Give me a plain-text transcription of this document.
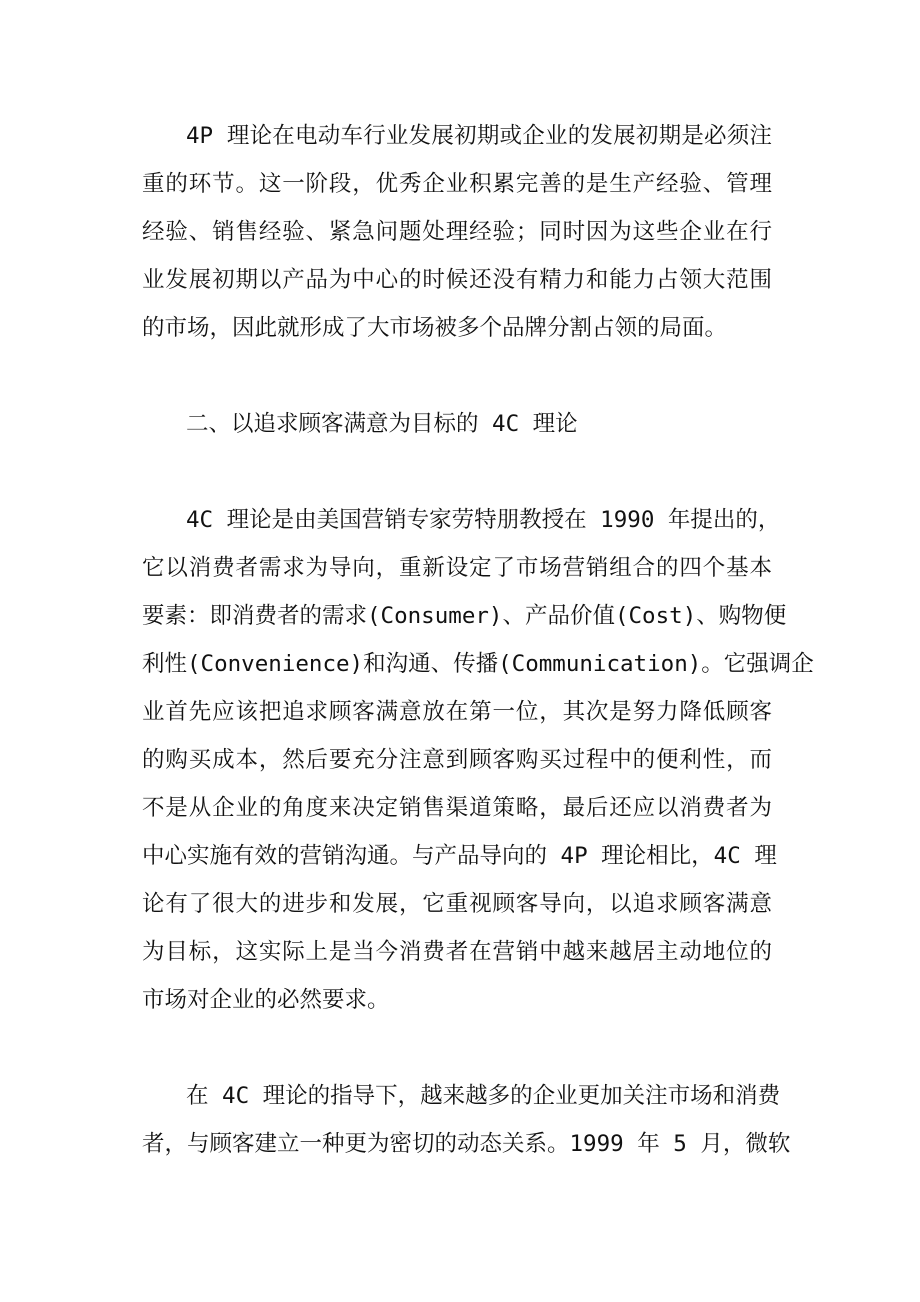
4P 理论在电动车行业发展初期或企业的发展初期是必须注
重的环节。这一阶段，优秀企业积累完善的是生产经验、管理
经验、销售经验、紧急问题处理经验；同时因为这些企业在行
业发展初期以产品为中心的时候还没有精力和能力占领大范围
的市场，因此就形成了大市场被多个品牌分割占领的局面。
二、以追求顾客满意为目标的 4C 理论
4C 理论是由美国营销专家劳特朋教授在 1990 年提出的，
它以消费者需求为导向，重新设定了市场营销组合的四个基本
要素：即消费者的需求(Consumer)、产品价值(Cost)、购物便
利性(Convenience)和沟通、传播(Communication)。它强调企
业首先应该把追求顾客满意放在第一位，其次是努力降低顾客
的购买成本，然后要充分注意到顾客购买过程中的便利性，而
不是从企业的角度来决定销售渠道策略，最后还应以消费者为
中心实施有效的营销沟通。与产品导向的 4P 理论相比，4C 理
论有了很大的进步和发展，它重视顾客导向，以追求顾客满意
为目标，这实际上是当今消费者在营销中越来越居主动地位的
市场对企业的必然要求。
在 4C 理论的指导下，越来越多的企业更加关注市场和消费
者，与顾客建立一种更为密切的动态关系。1999 年 5 月，微软
